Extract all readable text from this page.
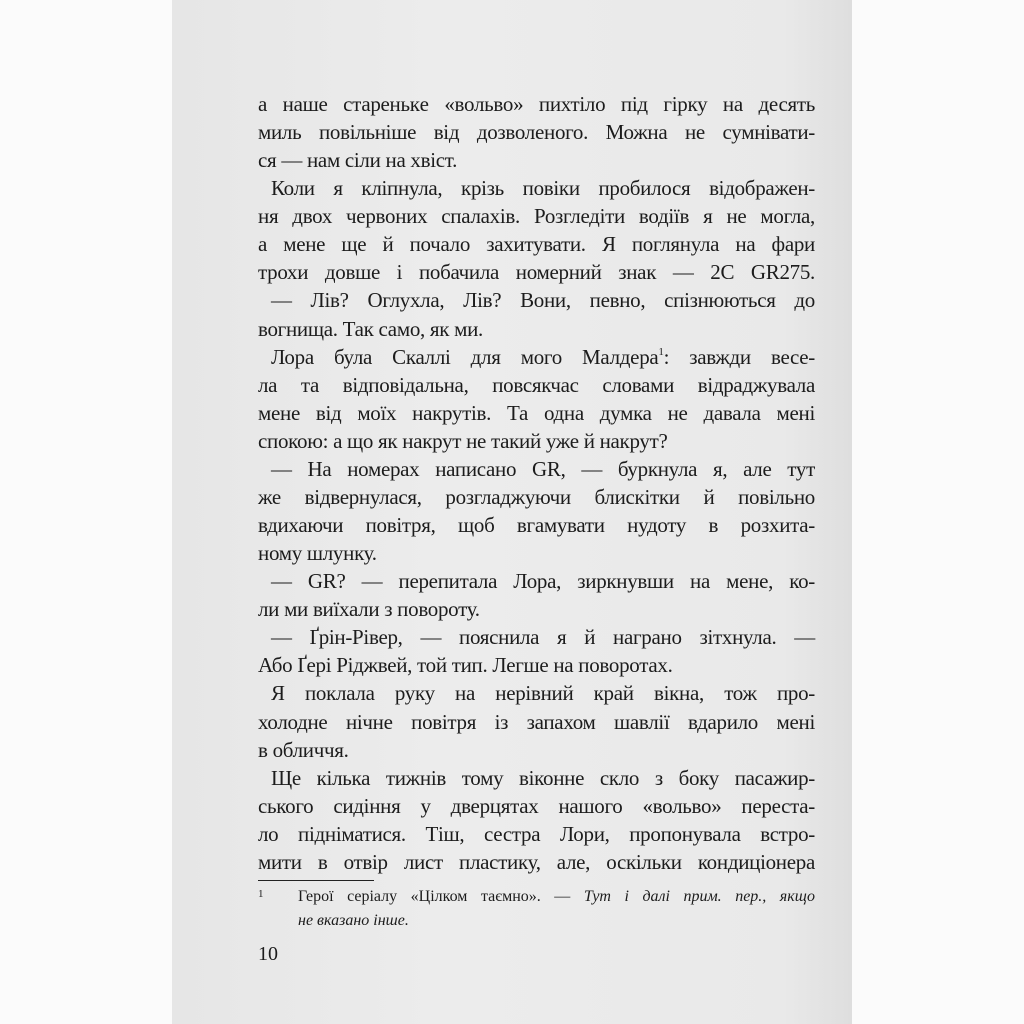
а наше старенькe «вольво» пихтіло під гірку на десять
миль повільніше від дозволеного. Можна не сумнівати-
ся — нам сіли на хвіст.
Коли я кліпнула, крізь повіки пробилося відображен-
ня двох червоних спалахів. Розгледіти водіїв я не могла,
а мене ще й почало захитувати. Я поглянула на фари
трохи довше і побачила номерний знак — 2C GR275.
— Лів? Оглухла, Лів? Вони, певно, спізнюються до
вогнища. Так само, як ми.
Лора була Скаллі для мого Малдера$^1$: завжди весе-
ла та відповідальна, повсякчас словами відраджувала
мене від моїх накрутів. Та одна думка не давала мені
спокою: а що як накрут не такий уже й накрут?
— На номерах написано GR, — буркнула я, але тут
же відвернулася, розгладжуючи блискітки й повільно
вдихаючи повітря, щоб вгамувати нудоту в розхита-
ному шлунку.
— GR? — перепитала Лора, зиркнувши на мене, ко-
ли ми виїхали з повороту.
— Ґрін-Рівер, — пояснила я й награно зітхнула. —
Або Ґері Ріджвей, той тип. Легше на поворотах.
Я поклала руку на нерівний край вікна, тож про-
холодне нічне повітря із запахом шавлії вдарило мені
в обличчя.
Ще кілька тижнів тому віконне скло з боку пасажир-
ського сидіння у дверцятах нашого «вольво» переста-
ло підніматися. Тіш, сестра Лори, пропонувала встро-
мити в отвір лист пластику, але, оскільки кондиціонера
1 Герої серіалу «Цілком таємно». — Тут і далі прим. пер., якщо
не вказано інше.
10
